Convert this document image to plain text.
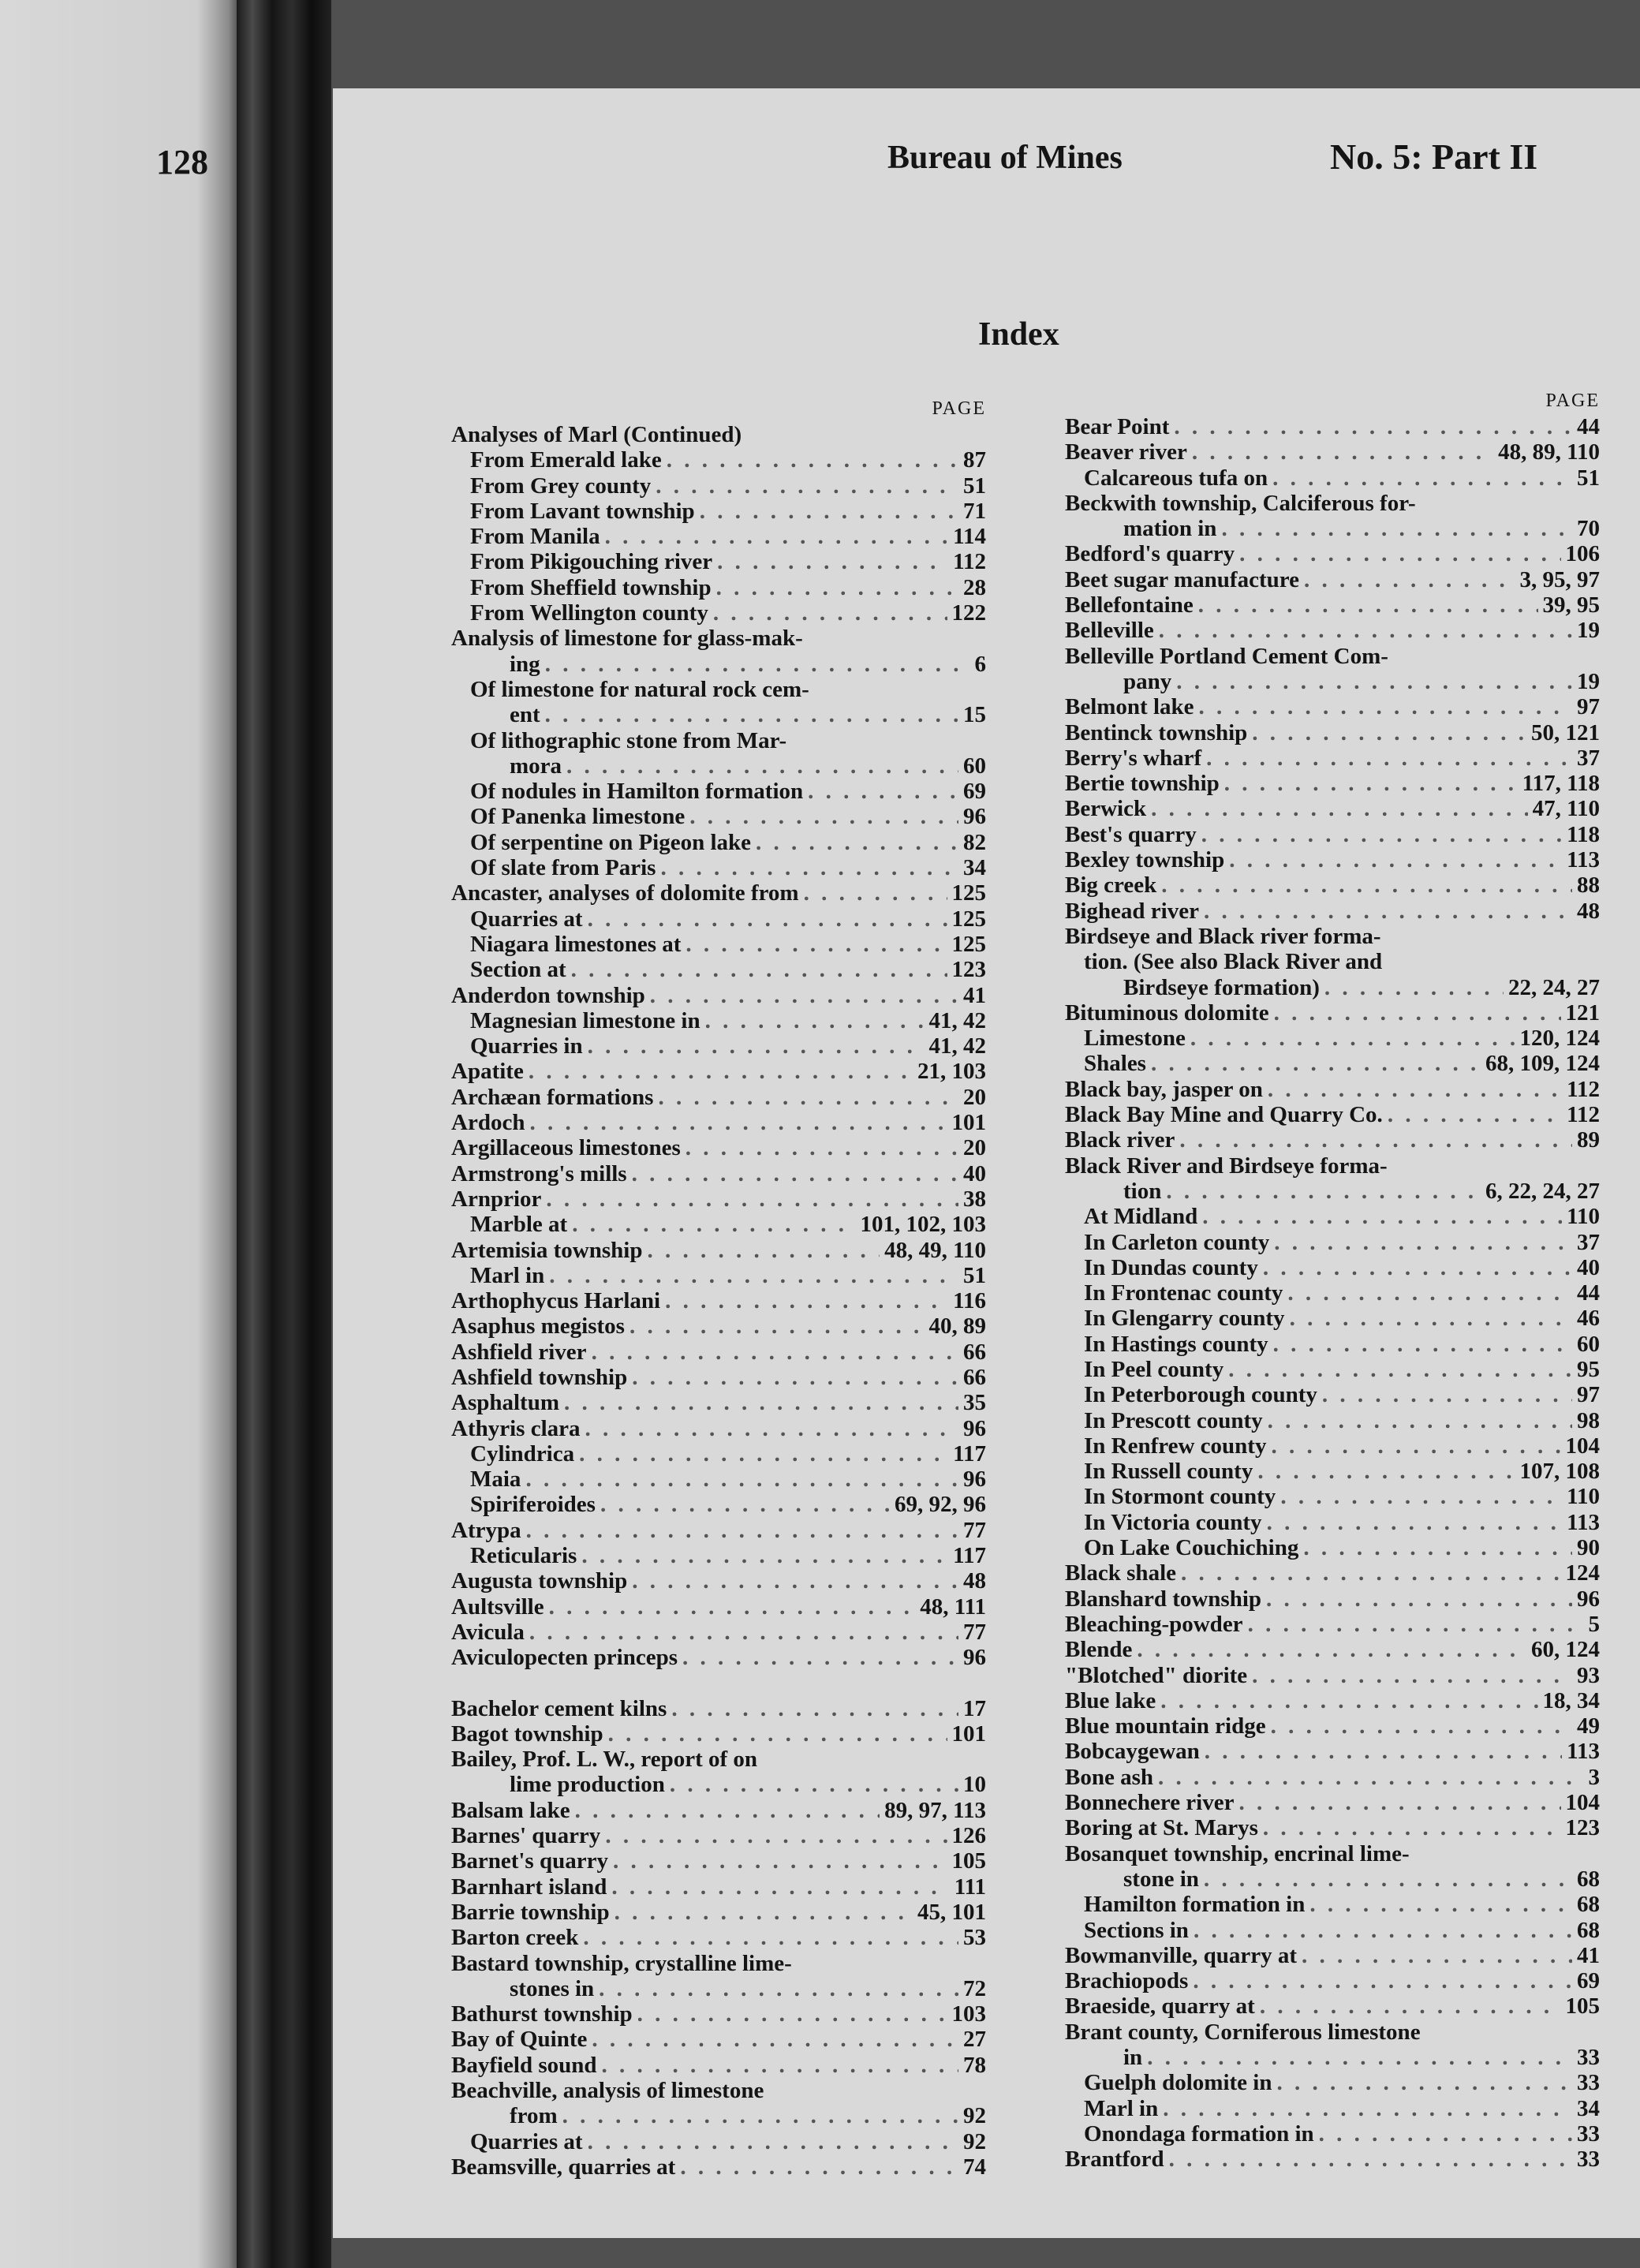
128	Bureau of Mines	No. 5: Part II
Index
PAGE
Analyses of Marl (Continued)
From Emerald lake . . .	87
From Grey county . . .	51
From Lavant township . . .	71
From Manila . . .	114
From Pikigouching river . . .	112
From Sheffield township . . .	28
From Wellington county . . .	122
Analysis of limestone for glass-mak-
ing . . .	6
Of limestone for natural rock cem-
ent . . .	15
Of lithographic stone from Mar-
mora . . .	60
Of nodules in Hamilton formation . . .	69
Of Panenka limestone . . .	96
Of serpentine on Pigeon lake . . .	82
Of slate from Paris . . .	34
Ancaster, analyses of dolomite from . . .	125
Quarries at . . .	125
Niagara limestones at . . .	125
Section at . . .	123
Anderdon township . . .	41
Magnesian limestone in . . .	41, 42
Quarries in . . .	41, 42
Apatite . . .	21, 103
Archæan formations . . .	20
Ardoch . . .	101
Argillaceous limestones . . .	20
Armstrong's mills . . .	40
Arnprior . . .	38
Marble at . . .	101, 102, 103
Artemisia township . . .	48, 49, 110
Marl in . . .	51
Arthophycus Harlani . . .	116
Asaphus megistos . . .	40, 89
Ashfield river . . .	66
Ashfield township . . .	66
Asphaltum . . .	35
Athyris clara . . .	96
Cylindrica . . .	117
Maia . . .	96
Spiriferoides . . .	69, 92, 96
Atrypa . . .	77
Reticularis . . .	117
Augusta township . . .	48
Aultsville . . .	48, 111
Avicula . . .	77
Aviculopecten princeps . . .	96
Bachelor cement kilns . . .	17
Bagot township . . .	101
Bailey, Prof. L. W., report of on
lime production . . .	10
Balsam lake . . .	89, 97, 113
Barnes' quarry . . .	126
Barnet's quarry . . .	105
Barnhart island . . .	111
Barrie township . . .	45, 101
Barton creek . . .	53
Bastard township, crystalline lime-
stones in . . .	72
Bathurst township . . .	103
Bay of Quinte . . .	27
Bayfield sound . . .	78
Beachville, analysis of limestone
from . . .	92
Quarries at . . .	92
Beamsville, quarries at . . .	74
PAGE
Bear Point . . .	44
Beaver river . . .	48, 89, 110
Calcareous tufa on . . .	51
Beckwith township, Calciferous for-
mation in . . .	70
Bedford's quarry . . .	106
Beet sugar manufacture . . .	3, 95, 97
Bellefontaine . . .	39, 95
Belleville . . .	19
Belleville Portland Cement Com-
pany . . .	19
Belmont lake . . .	97
Bentinck township . . .	50, 121
Berry's wharf . . .	37
Bertie township . . .	117, 118
Berwick . . .	47, 110
Best's quarry . . .	118
Bexley township . . .	113
Big creek . . .	88
Bighead river . . .	48
Birdseye and Black river forma-
tion. (See also Black River and
Birdseye formation) . . .	22, 24, 27
Bituminous dolomite . . .	121
Limestone . . .	120, 124
Shales . . .	68, 109, 124
Black bay, jasper on . . .	112
Black Bay Mine and Quarry Co. . . .	112
Black river . . .	89
Black River and Birdseye forma-
tion . . .	6, 22, 24, 27
At Midland . . .	110
In Carleton county . . .	37
In Dundas county . . .	40
In Frontenac county . . .	44
In Glengarry county . . .	46
In Hastings county . . .	60
In Peel county . . .	95
In Peterborough county . . .	97
In Prescott county . . .	98
In Renfrew county . . .	104
In Russell county . . .	107, 108
In Stormont county . . .	110
In Victoria county . . .	113
On Lake Couchiching . . .	90
Black shale . . .	124
Blanshard township . . .	96
Bleaching-powder . . .	5
Blende . . .	60, 124
"Blotched" diorite . . .	93
Blue lake . . .	18, 34
Blue mountain ridge . . .	49
Bobcaygewan . . .	113
Bone ash . . .	3
Bonnechere river . . .	104
Boring at St. Marys . . .	123
Bosanquet township, encrinal lime-
stone in . . .	68
Hamilton formation in . . .	68
Sections in . . .	68
Bowmanville, quarry at . . .	41
Brachiopods . . .	69
Braeside, quarry at . . .	105
Brant county, Corniferous limestone
in . . .	33
Guelph dolomite in . . .	33
Marl in . . .	34
Onondaga formation in . . .	33
Brantford . . .	33
